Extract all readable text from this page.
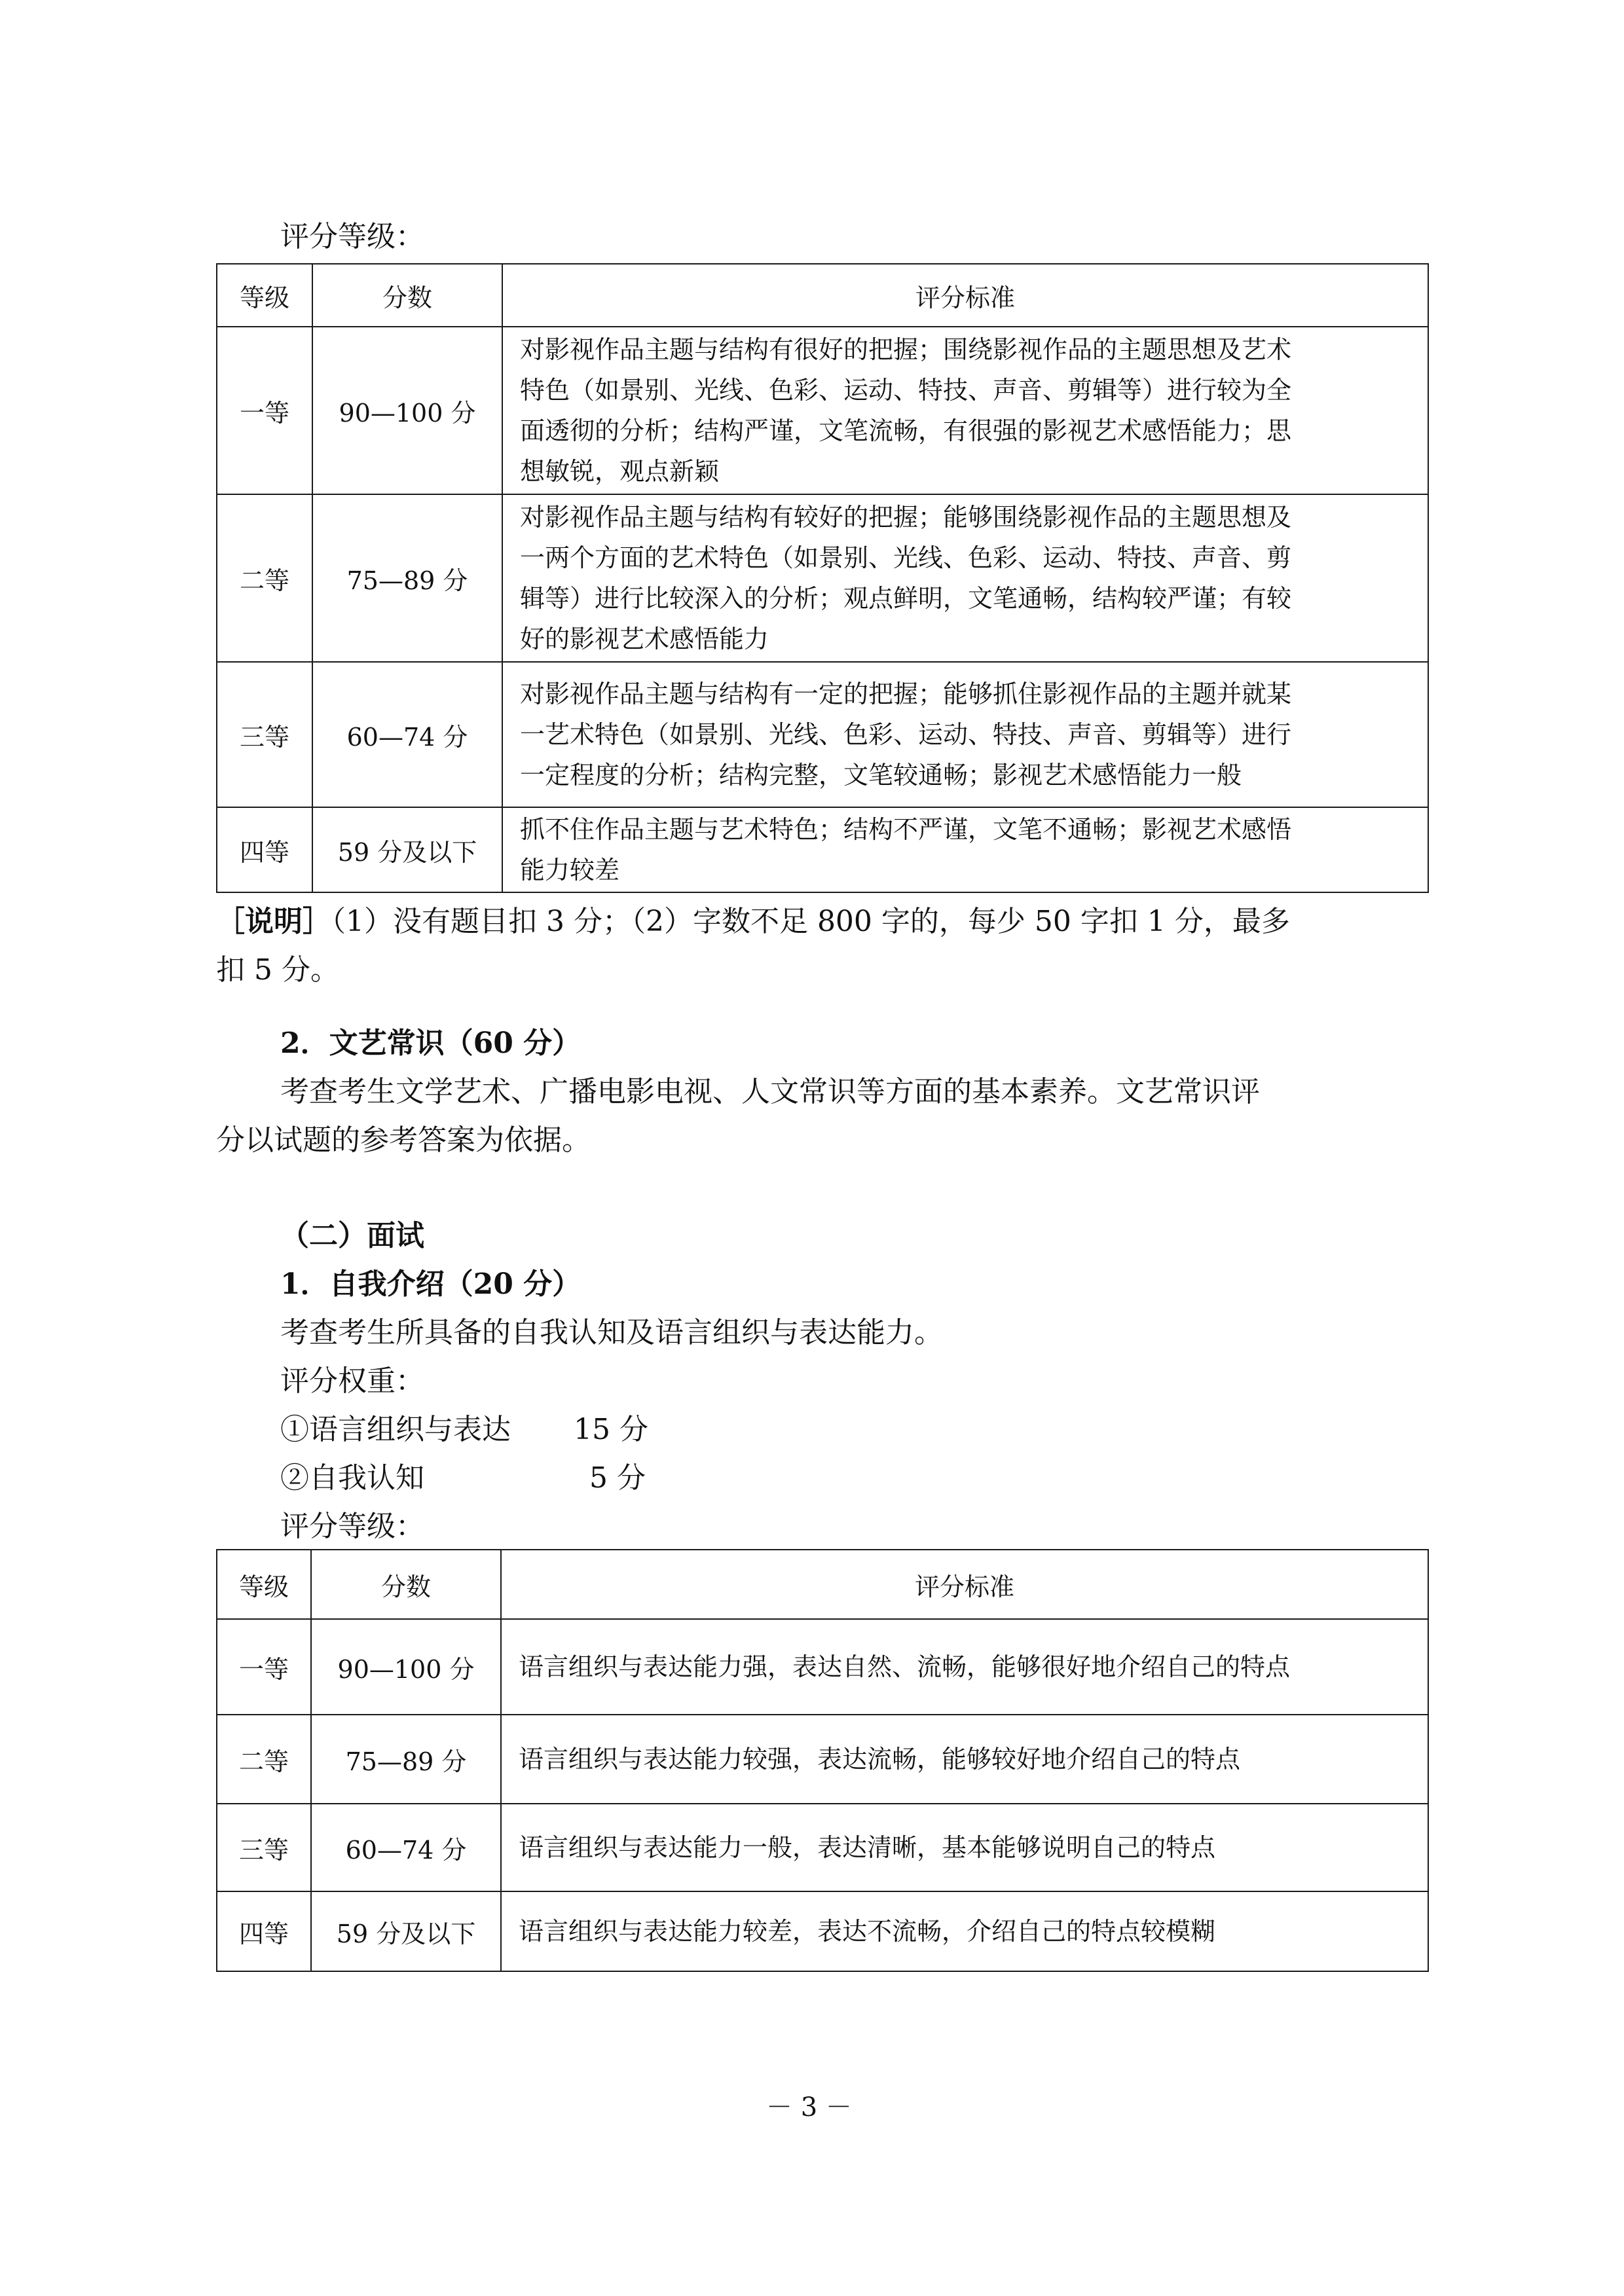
评分等级：
等级	分数	评分标准
一等	90—100 分	对影视作品主题与结构有很好的把握；围绕影视作品的主题思想及艺术
特色（如景别、光线、色彩、运动、特技、声音、剪辑等）进行较为全
面透彻的分析；结构严谨，文笔流畅，有很强的影视艺术感悟能力；思
想敏锐，观点新颖

二等	75—89 分	对影视作品主题与结构有较好的把握；能够围绕影视作品的主题思想及
一两个方面的艺术特色（如景别、光线、色彩、运动、特技、声音、剪
辑等）进行比较深入的分析；观点鲜明，文笔通畅，结构较严谨；有较
好的影视艺术感悟能力

三等	60—74 分	对影视作品主题与结构有一定的把握；能够抓住影视作品的主题并就某
一艺术特色（如景别、光线、色彩、运动、特技、声音、剪辑等）进行
一定程度的分析；结构完整，文笔较通畅；影视艺术感悟能力一般

四等	59 分及以下	抓不住作品主题与艺术特色；结构不严谨，文笔不通畅；影视艺术感悟
能力较差
［说明］（1）没有题目扣 3 分；（2）字数不足 800 字的，每少 50 字扣 1 分，最多
扣 5 分。
2．文艺常识（60 分）
考查考生文学艺术、广播电影电视、人文常识等方面的基本素养。文艺常识评
分以试题的参考答案为依据。
（二）面试
1．自我介绍（20 分）
考查考生所具备的自我认知及语言组织与表达能力。
评分权重：
①语言组织与表达 15 分
②自我认知	5 分
评分等级：
等级	分数	评分标准
一等	90—100 分	语言组织与表达能力强，表达自然、流畅，能够很好地介绍自己的特点

二等	75—89 分	语言组织与表达能力较强，表达流畅，能够较好地介绍自己的特点

三等	60—74 分	语言组织与表达能力一般，表达清晰，基本能够说明自己的特点

四等	59 分及以下	语言组织与表达能力较差，表达不流畅，介绍自己的特点较模糊
－ 3 －
